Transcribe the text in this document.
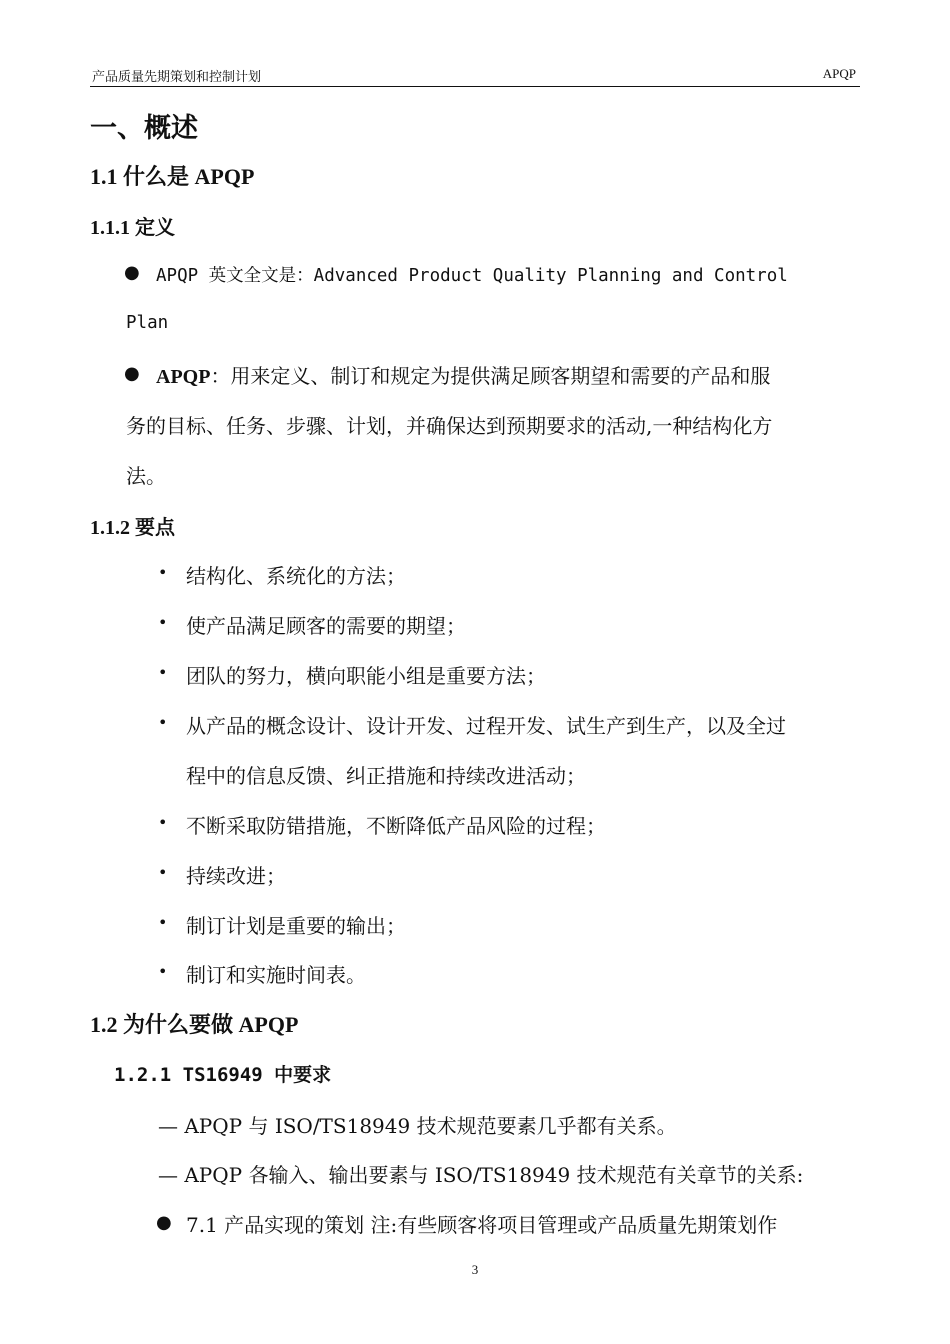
产品质量先期策划和控制计划	APQP
一、概述
1.1 什么是 APQP
1.1.1 定义
● APQP 英文全文是：Advanced Product Quality Planning and Control
Plan
● APQP：用来定义、制订和规定为提供满足顾客期望和需要的产品和服
务的目标、任务、步骤、计划，并确保达到预期要求的活动,一种结构化方
法。
1.1.2 要点
• 结构化、系统化的方法；
• 使产品满足顾客的需要的期望；
• 团队的努力，横向职能小组是重要方法；
• 从产品的概念设计、设计开发、过程开发、试生产到生产，以及全过
程中的信息反馈、纠正措施和持续改进活动；
• 不断采取防错措施，不断降低产品风险的过程；
• 持续改进；
• 制订计划是重要的输出；
• 制订和实施时间表。
1.2 为什么要做 APQP
1.2.1 TS16949 中要求
— APQP 与 ISO/TS18949 技术规范要素几乎都有关系。
— APQP 各输入、输出要素与 ISO/TS18949 技术规范有关章节的关系:
● 7.1 产品实现的策划 注:有些顾客将项目管理或产品质量先期策划作
3
